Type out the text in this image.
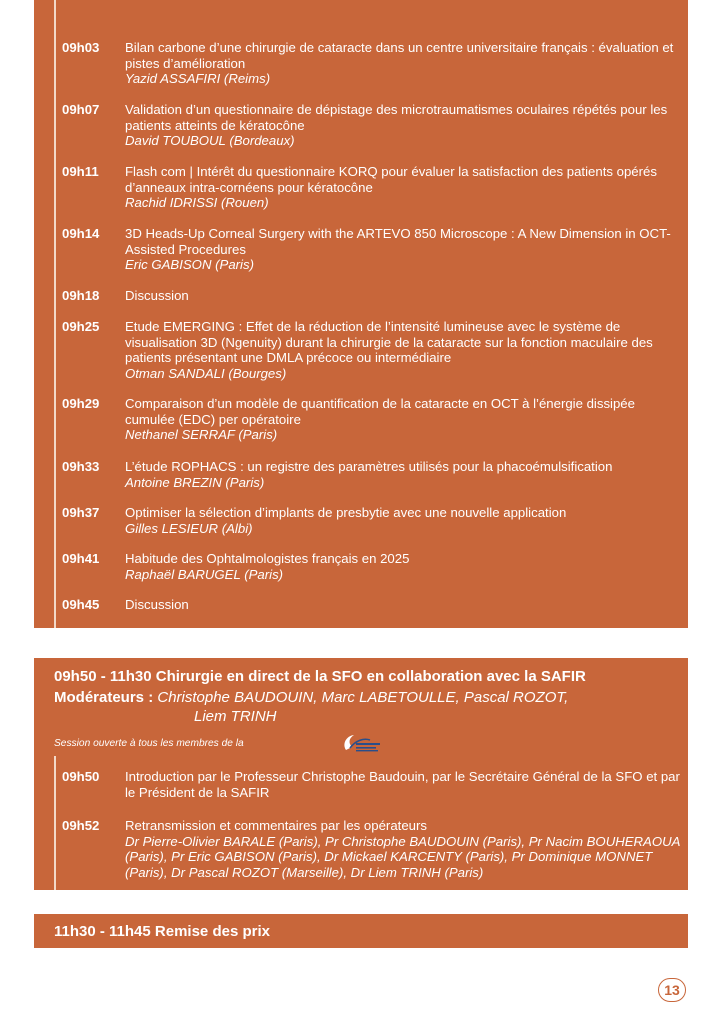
09h03	Bilan carbone d’une chirurgie de cataracte dans un centre universitaire français : évaluation et pistes d’amélioration
Yazid ASSAFIRI (Reims)
09h07	Validation d’un questionnaire de dépistage des microtraumatismes oculaires répétés pour les patients atteints de kératocône
David TOUBOUL (Bordeaux)
09h11	Flash com | Intérêt du questionnaire KORQ pour évaluer la satisfaction des patients opérés d’anneaux intra-cornéens pour kératocône
Rachid IDRISSI (Rouen)
09h14	3D Heads-Up Corneal Surgery with the ARTEVO 850 Microscope : A New Dimension in OCT-Assisted Procedures
Eric GABISON (Paris)
09h18	Discussion
09h25	Etude EMERGING : Effet de la réduction de l’intensité lumineuse avec le système de visualisation 3D (Ngenuity) durant la chirurgie de la cataracte sur la fonction maculaire des patients présentant une DMLA précoce ou intermédiaire
Otman SANDALI (Bourges)
09h29	Comparaison d’un modèle de quantification de la cataracte en OCT à l’énergie dissipée cumulée (EDC) per opératoire
Nethanel SERRAF (Paris)
09h33	L’étude ROPHACS : un registre des paramètres utilisés pour la phacoémulsification
Antoine BREZIN (Paris)
09h37	Optimiser la sélection d’implants de presbytie avec une nouvelle application
Gilles LESIEUR (Albi)
09h41	Habitude des Ophtalmologistes français en 2025
Raphaël BARUGEL (Paris)
09h45	Discussion
09h50 - 11h30 Chirurgie en direct de la SFO en collaboration avec la SAFIR
Modérateurs : Christophe BAUDOUIN, Marc LABETOULLE, Pascal ROZOT,
Liem TRINH
Session ouverte à tous les membres de la
09h50	Introduction par le Professeur Christophe Baudouin, par le Secrétaire Général de la SFO et par le Président de la SAFIR
09h52	Retransmission et commentaires par les opérateurs
Dr Pierre-Olivier BARALE (Paris), Pr Christophe BAUDOUIN (Paris), Pr Nacim BOUHERAOUA (Paris), Pr Eric GABISON (Paris), Dr Mickael KARCENTY (Paris), Pr Dominique MONNET (Paris), Dr Pascal ROZOT (Marseille), Dr Liem TRINH (Paris)
11h30 - 11h45 Remise des prix
13
